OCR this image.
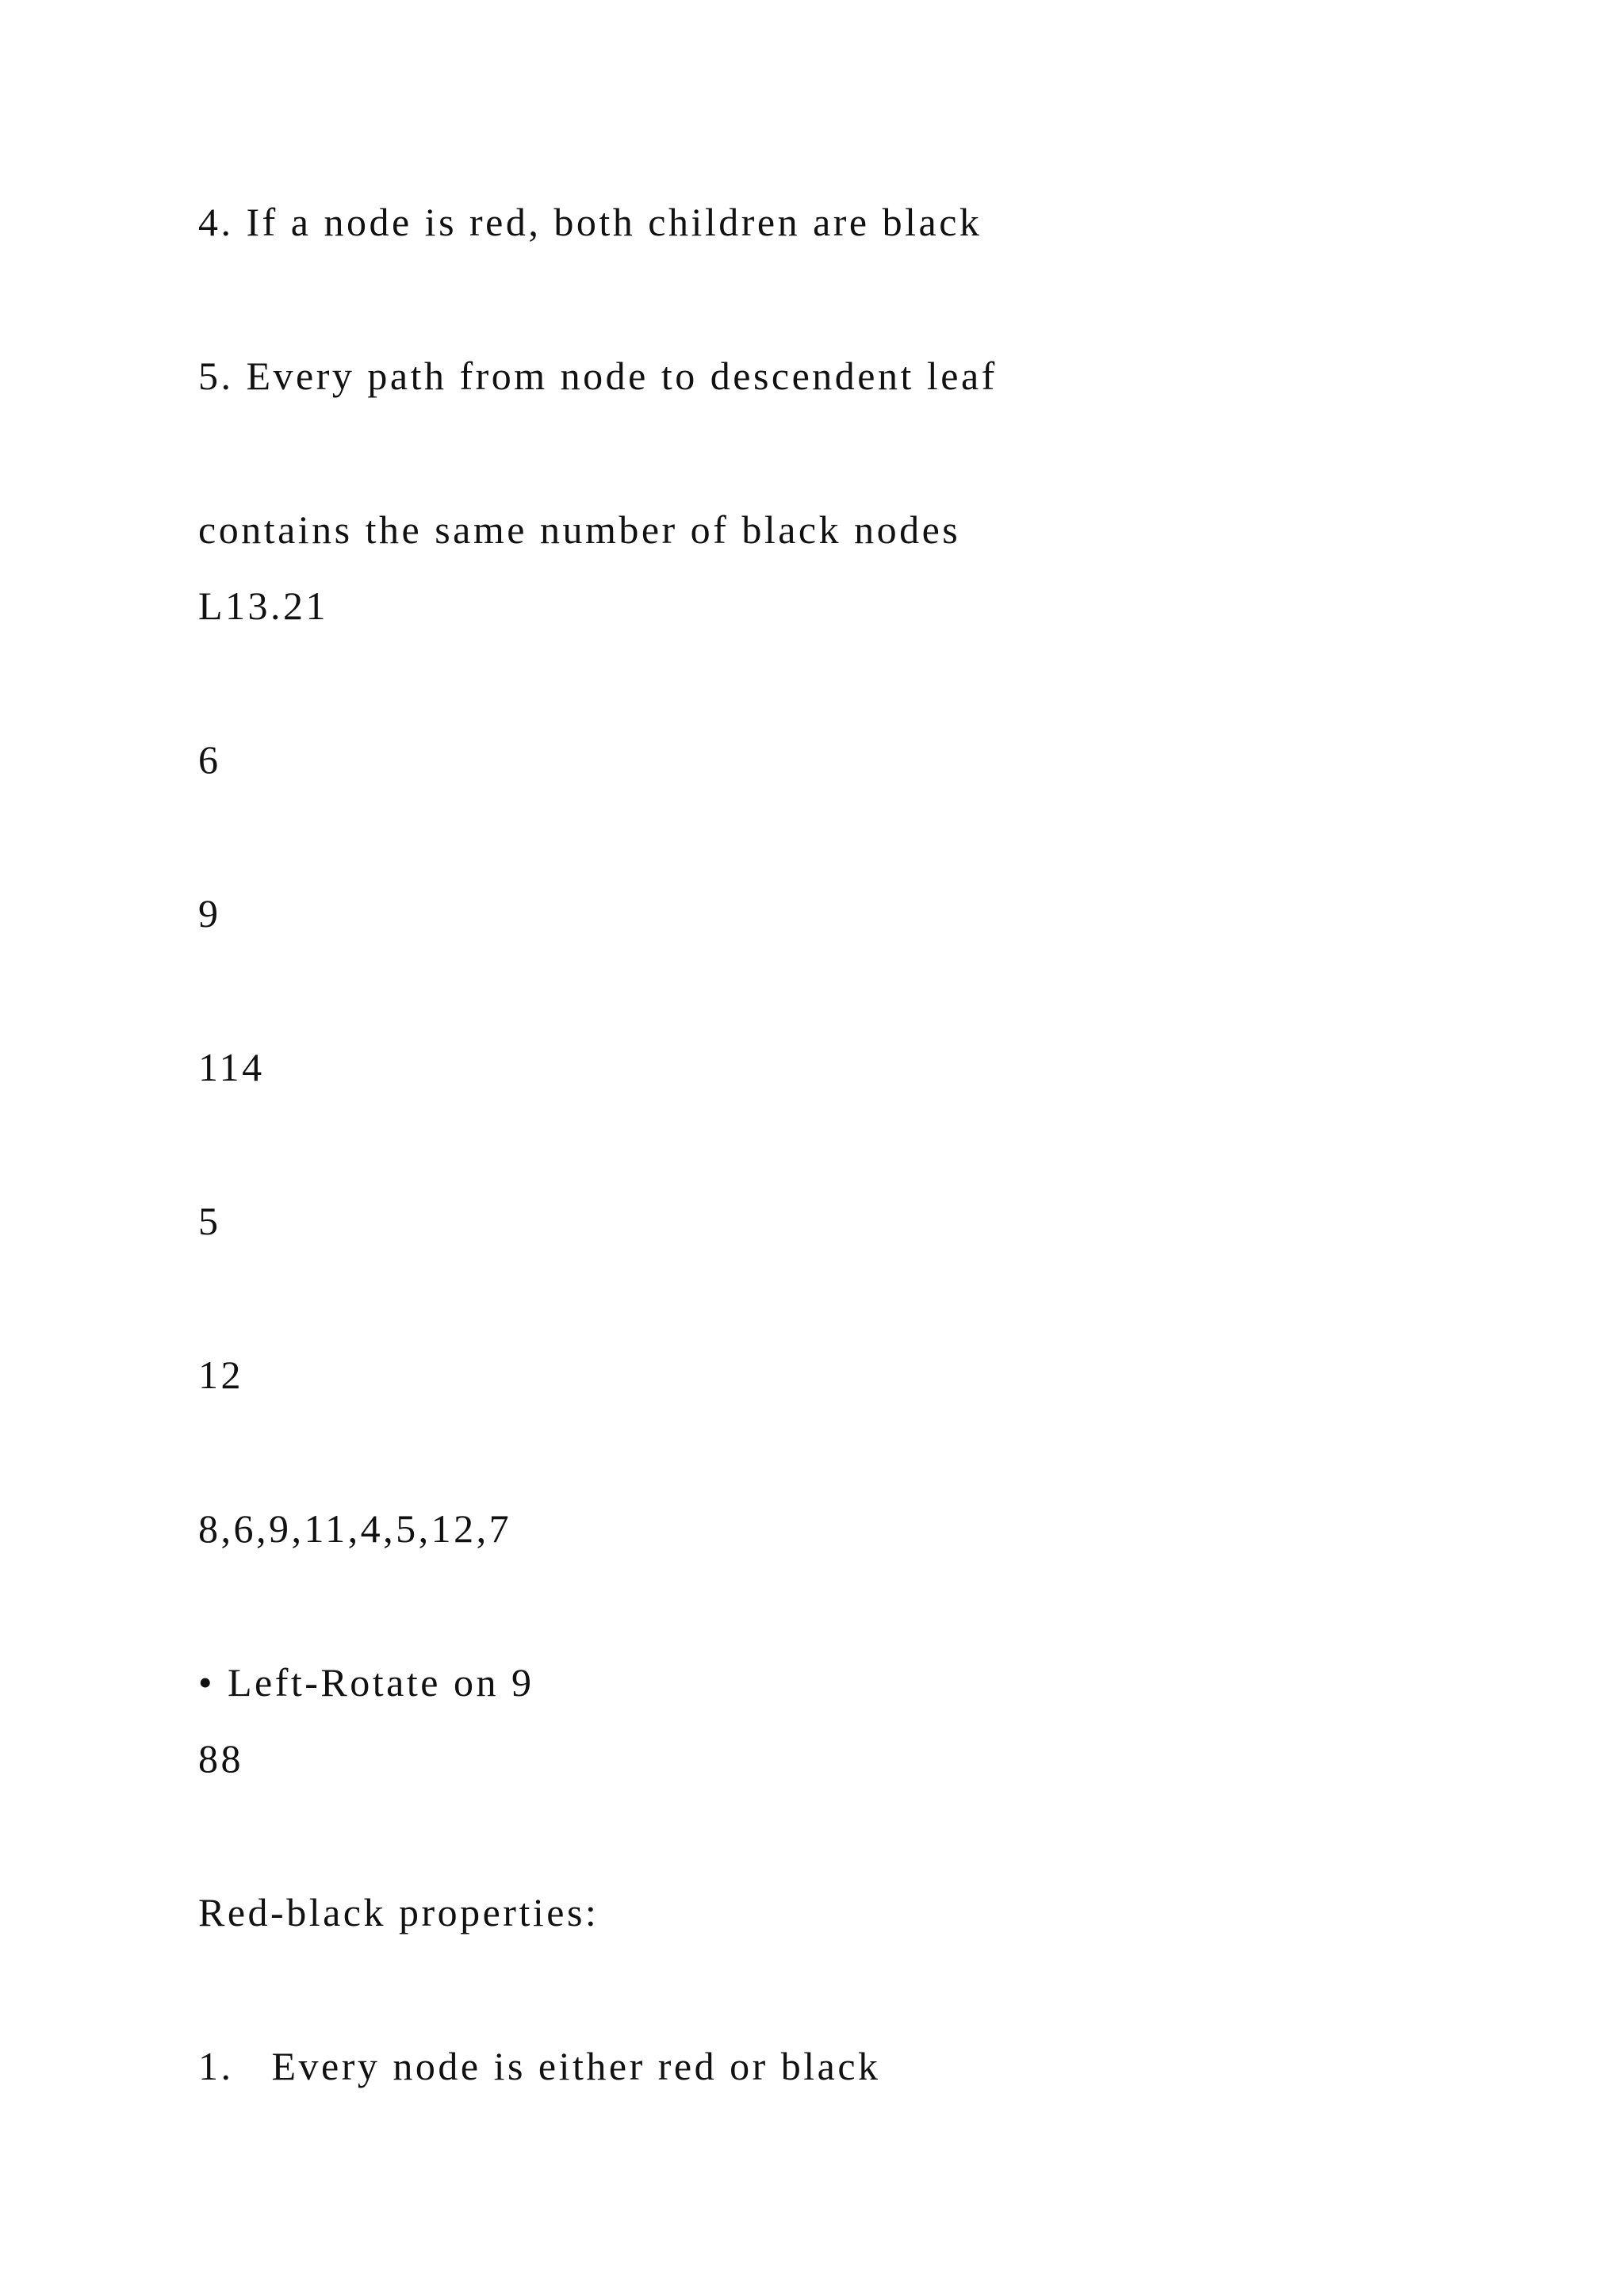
4. If a node is red, both children are black

5. Every path from node to descendent leaf

contains the same number of black nodes

L13.21

6

9

114

5

12

8,6,9,11,4,5,12,7

• Left-Rotate on 9

88

Red-black properties:

1.   Every node is either red or black
